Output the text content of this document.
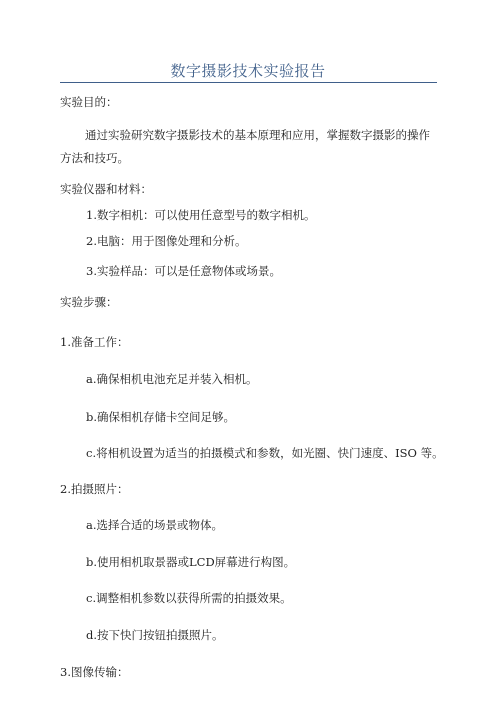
数字摄影技术实验报告
实验目的：
通过实验研究数字摄影技术的基本原理和应用，掌握数字摄影的操作
方法和技巧。
实验仪器和材料：
1.数字相机：可以使用任意型号的数字相机。
2.电脑：用于图像处理和分析。
3.实验样品：可以是任意物体或场景。
实验步骤：
1.准备工作：
a.确保相机电池充足并装入相机。
b.确保相机存储卡空间足够。
c.将相机设置为适当的拍摄模式和参数，如光圈、快门速度、ISO 等。
2.拍摄照片：
a.选择合适的场景或物体。
b.使用相机取景器或LCD屏幕进行构图。
c.调整相机参数以获得所需的拍摄效果。
d.按下快门按钮拍摄照片。
3.图像传输：
